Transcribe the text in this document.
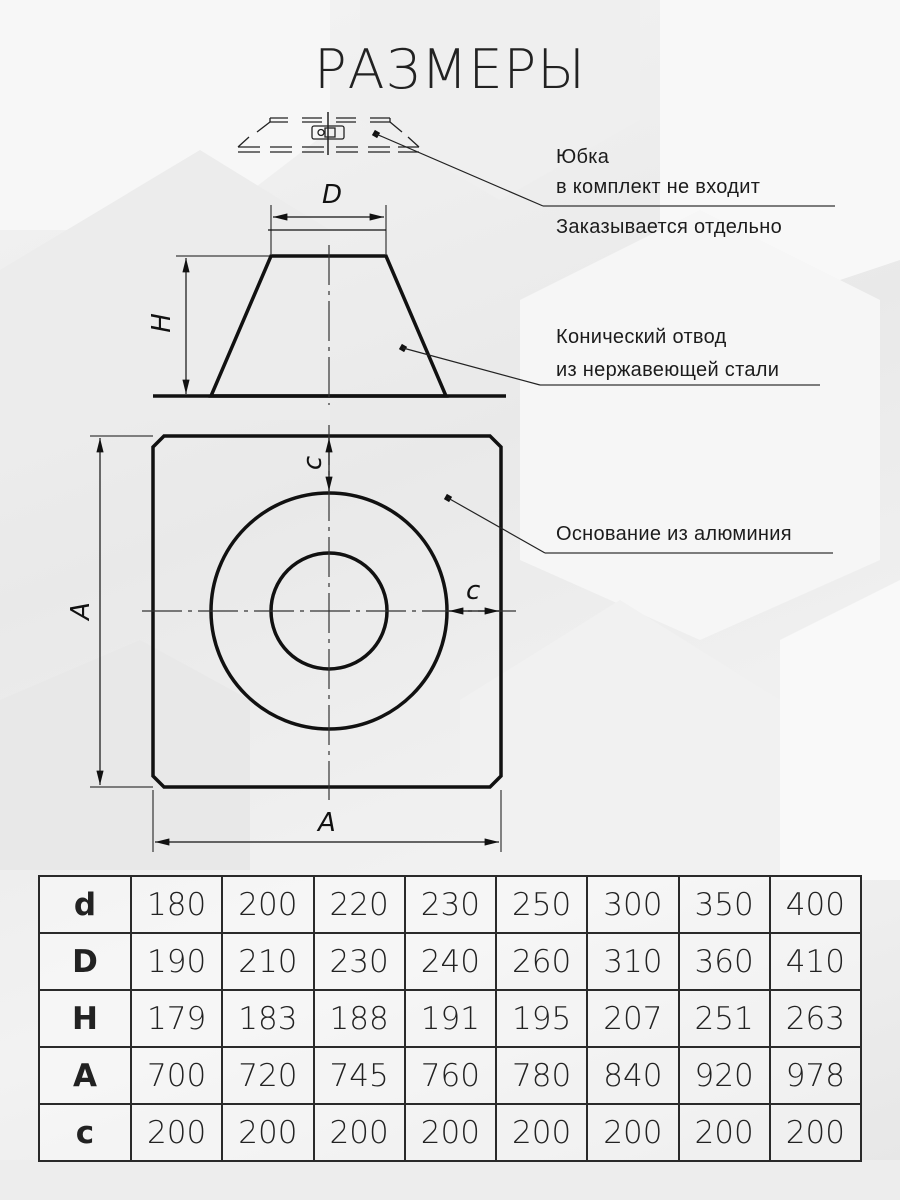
РАЗМЕРЫ
D
H
c
c
A
A
Юбка
в комплект не входит
Заказывается отдельно
Конический отвод
из нержавеющей стали
Основание из алюминия
d	180	200	220	230	250	300	350	400
D	190	210	230	240	260	310	360	410
H	179	183	188	191	195	207	251	263
A	700	720	745	760	780	840	920	978
c	200	200	200	200	200	200	200	200
